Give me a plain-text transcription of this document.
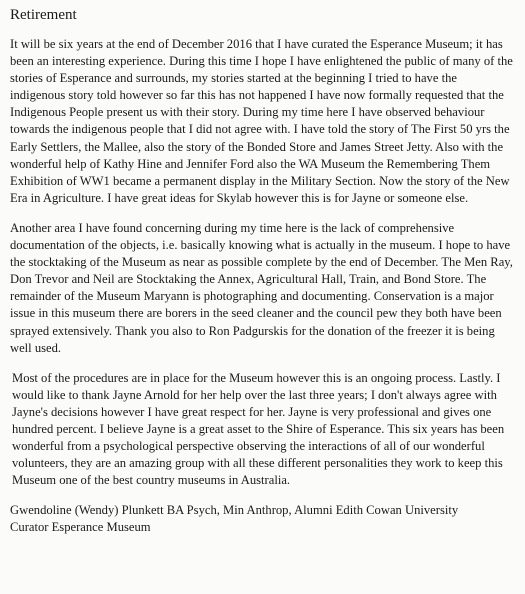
Retirement

It will be six years at the end of December 2016 that I have curated the Esperance Museum; it has been an interesting experience. During this time I hope I have enlightened the public of many of the stories of Esperance and surrounds, my stories started at the beginning I tried to have the indigenous story told however so far this has not happened I have now formally requested that the Indigenous People present us with their story. During my time here I have observed behaviour towards the indigenous people that I did not agree with. I have told the story of The First 50 yrs the Early Settlers, the Mallee, also the story of the Bonded Store and James Street Jetty. Also with the wonderful help of Kathy Hine and Jennifer Ford also the WA Museum the Remembering Them Exhibition of WW1 became a permanent display in the Military Section. Now the story of the New Era in Agriculture. I have great ideas for Skylab however this is for Jayne or someone else.

Another area I have found concerning during my time here is the lack of comprehensive documentation of the objects, i.e. basically knowing what is actually in the museum. I hope to have the stocktaking of the Museum as near as possible complete by the end of December. The Men Ray, Don Trevor and Neil are Stocktaking the Annex, Agricultural Hall, Train, and Bond Store. The remainder of the Museum Maryann is photographing and documenting. Conservation is a major issue in this museum there are borers in the seed cleaner and the council pew they both have been sprayed extensively. Thank you also to Ron Padgurskis for the donation of the freezer it is being well used.

Most of the procedures are in place for the Museum however this is an ongoing process. Lastly. I would like to thank Jayne Arnold for her help over the last three years; I don't always agree with Jayne's decisions however I have great respect for her. Jayne is very professional and gives one hundred percent. I believe Jayne is a great asset to the Shire of Esperance. This six years has been wonderful from a psychological perspective observing the interactions of all of our wonderful volunteers, they are an amazing group with all these different personalities they work to keep this Museum one of the best country museums in Australia.

Gwendoline (Wendy) Plunkett BA Psych, Min Anthrop, Alumni Edith Cowan University
Curator Esperance Museum
